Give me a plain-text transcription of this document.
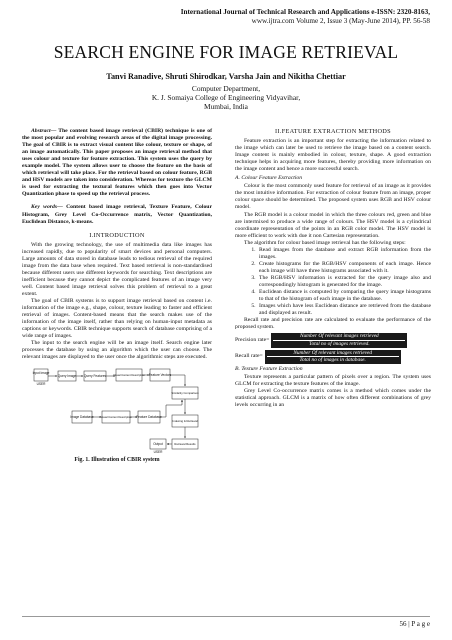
International Journal of Technical Research and Applications e-ISSN: 2320-8163,
www.ijtra.com Volume 2, Issue 3 (May-June 2014), PP. 56-58
SEARCH ENGINE FOR IMAGE RETRIEVAL
Tanvi Ranadive, Shruti Shirodkar, Varsha Jain and Nikitha Chettiar
Computer Department,
K. J. Somaiya College of Engineering Vidyavihar,
Mumbai, India

Abstract— The content based image retrieval (CBIR) technique is one of the most popular and evolving research areas of the digital image processing. The goal of CBIR is to extract visual content like colour, texture or shape, of an image automatically. This paper proposes an image retrieval method that uses colour and texture for feature extraction. This system uses the query by example model. The system allows user to choose the feature on the basis of which retrieval will take place. For the retrieval based on colour feature, RGB and HSV models are taken into consideration. Whereas for texture the GLCM is used for extracting the textural features which then goes into Vector Quantization phase to speed up the retrieval process.

Key words— Content based image retrieval, Texture Feature, Colour Histogram, Grey Level Co-Occurrence matrix, Vector Quantization, Euclidean Distance, k-means.

I.INTRODUCTION

With the growing technology, the use of multimedia data like images has increased rapidly, due to popularity of smart devices and personal computers. Large amounts of data stored in database leads to tedious retrieval of the required image from the data base when required. Text based retrieval is non-standardised because different users use different keywords for searching. Text descriptions are inefficient because they cannot depict the complicated features of an image very well. Content based image retrieval solves this problem of retrieval to a great extent.

The goal of CBIR systems is to support image retrieval based on content i.e. information of the image e.g., shape, colour, texture leading to faster and efficient retrieval of images. Content-based means that the search makes use of the information of the image itself, rather than relying on human-input metadata as captions or keywords. CBIR technique supports search of database comprising of a wide range of images.

The input to the search engine will be an image itself. Search engine later processes the database by using an algorithm which the user can choose. The relevant images are displayed to the user once the algorithmic steps are executed.

Input Image
USER
Query Image Query Features	Visual Content Description Feature Vectors
Similarity Comparison
Image Database Visual Content Description Feature Database
Indexing & Retrieval
Output
USER
Retrieval Results

Fig. 1. Illustration of CBIR system

II.FEATURE EXTRACTION METHODS

Feature extraction is an important step for extracting the information related to the image which can later be used to retrieve the image based on a content search. Image content is mainly embodied in colour, texture, shape. A good extraction technique helps in acquiring more features, thereby providing more information on the image content and hence a more successful search.

A. Colour Feature Extraction

Colour is the most commonly used feature for retrieval of an image as it provides the most intuitive information. For extraction of colour feature from an image, proper colour space should be determined. The proposed system uses RGB and HSV colour model.

The RGB model is a colour model in which the three colours red, green and blue are intermixed to produce a wide range of colours. The HSV model is a cylindrical coordinate representation of the points in an RGB color model. The HSV model is more efficient to work with due it non Cartesian representation.

The algorithm for colour based image retrieval has the following steps:

1. Read images from the database and extract RGB information from the images.
2. Create histograms for the RGB/HSV components of each image. Hence each image will have three histograms associated with it.
3. The RGB/HSV information is extracted for the query image also and correspondingly histogram is generated for the image.
4. Euclidean distance is computed by comparing the query image histograms to that of the histogram of each image in the database.
5. Images which have less Euclidean distance are retrieved from the database and displayed as result.

Recall rate and precision rate are calculated to evaluate the performance of the proposed system.

Precision rate= $\frac{\text{Number Of relevant images retrieved}}{\text{Total no of images retrieved.}}$
Recall rate= $\frac{\text{Number Of relevant images retrieved}}{\text{Total no of images in database.}}$

B. Texture Feature Extraction

Texture represents a particular pattern of pixels over a region. The system uses GLCM for extracting the texture features of the image.

Grey Level Co-occurrence matrix comes is a method which comes under the statistical approach. GLCM is a matrix of how often different combinations of grey levels occurring in an

56 | P a g e
